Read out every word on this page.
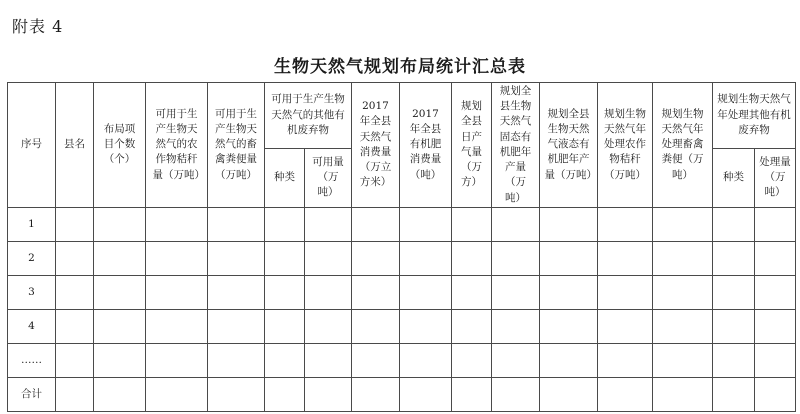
附表 4
生物天然气规划布局统计汇总表
序号	县名	布局项目个数（个）	可用于生产生物天然气的农作物秸秆量（万吨）	可用于生产生物天然气的畜禽粪便量（万吨）	可用于生产生物天然气的其他有机废弃物		2017年全县天然气消费量（万立方米）	2017年全县有机肥消费量（吨）	规划全县日产气量（万方）	规划全县生物天然气固态有机肥年产量（万吨）	规划全县生物天然气液态有机肥年产量（万吨）	规划生物天然气年处理农作物秸秆（万吨）	规划生物天然气年处理畜禽粪便（万吨）	规划生物天然气年处理其他有机废弃物	
					种类	可用量（万吨）								种类	处理量（万吨）
1															
2															
3															
4															
……															
合计															
